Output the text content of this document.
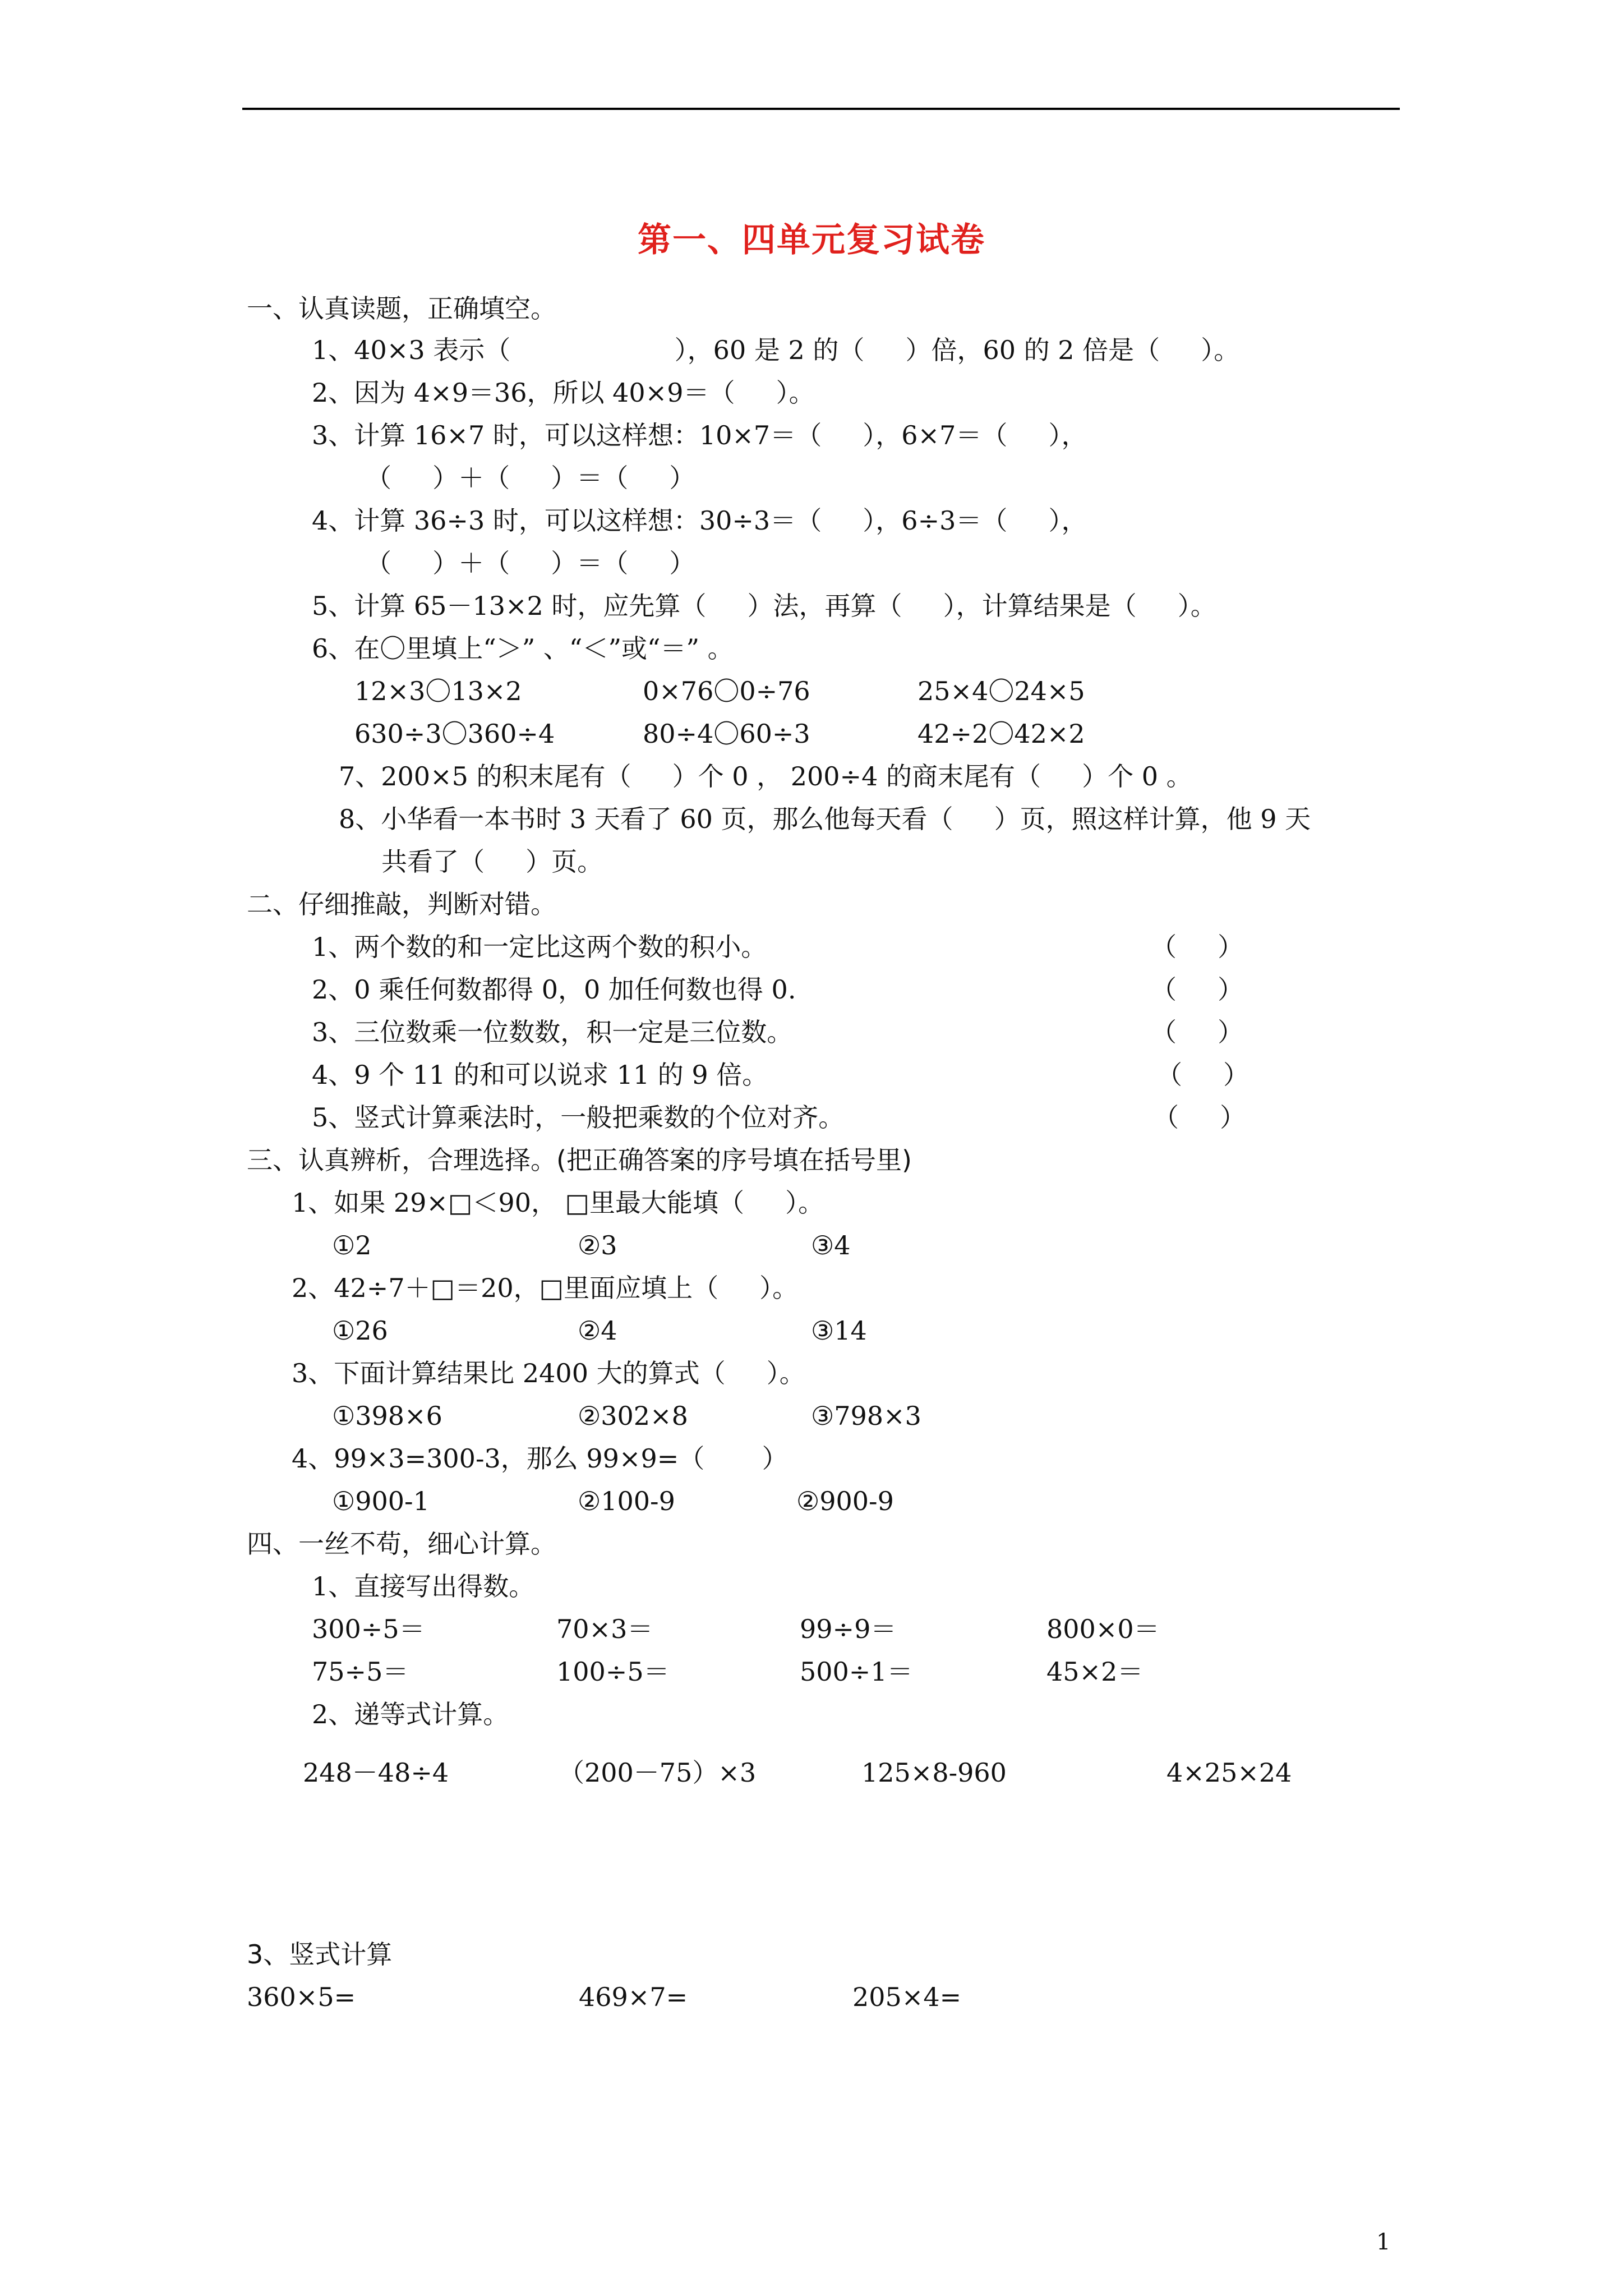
第一、四单元复习试卷
一、认真读题，正确填空。
1、40×3 表示（                    ），60 是 2 的（     ）倍，60 的 2 倍是（     ）。
2、因为 4×9＝36，所以 40×9＝（     ）。
3、计算 16×7 时，可以这样想：10×7＝（     ），6×7＝（     ），
（     ）＋（     ）＝（     ）
4、计算 36÷3 时，可以这样想：30÷3＝（     ），6÷3＝（     ），
（     ）＋（     ）＝（     ）
5、计算 65－13×2 时，应先算（     ）法，再算（     ），计算结果是（     ）。
6、在〇里填上“＞” 、“＜”或“＝” 。
12×3〇13×2	0×76〇0÷76	25×4〇24×5
630÷3〇360÷4	80÷4〇60÷3	42÷2〇42×2
7、200×5 的积末尾有（     ）个 0 ， 200÷4 的商末尾有（     ）个 0 。
8、小华看一本书时 3 天看了 60 页，那么他每天看（     ）页，照这样计算，他 9 天
共看了（     ）页。
二、仔细推敲，判断对错。
1、两个数的和一定比这两个数的积小。	（     ）
2、0 乘任何数都得 0，0 加任何数也得 0.	（     ）
3、三位数乘一位数数，积一定是三位数。	（     ）
4、9 个 11 的和可以说求 11 的 9 倍。	（     ）
5、竖式计算乘法时，一般把乘数的个位对齐。	（     ）
三、认真辨析，合理选择。(把正确答案的序号填在括号里)
1、如果 29×□＜90， □里最大能填（     ）。
①2	②3	③4
2、42÷7＋□＝20，□里面应填上（     ）。
①26	②4	③14
3、下面计算结果比 2400 大的算式（     ）。
①398×6	②302×8	③798×3
4、99×3=300-3，那么 99×9=（       ）
①900-1	②100-9	②900-9
四、一丝不苟，细心计算。
1、直接写出得数。
300÷5＝	70×3＝	99÷9＝	800×0＝
75÷5＝	100÷5＝	500÷1＝	45×2＝
2、递等式计算。
248－48÷4	（200－75）×3	125×8-960	4×25×24
3、竖式计算
360×5=	469×7=	205×4=
1
